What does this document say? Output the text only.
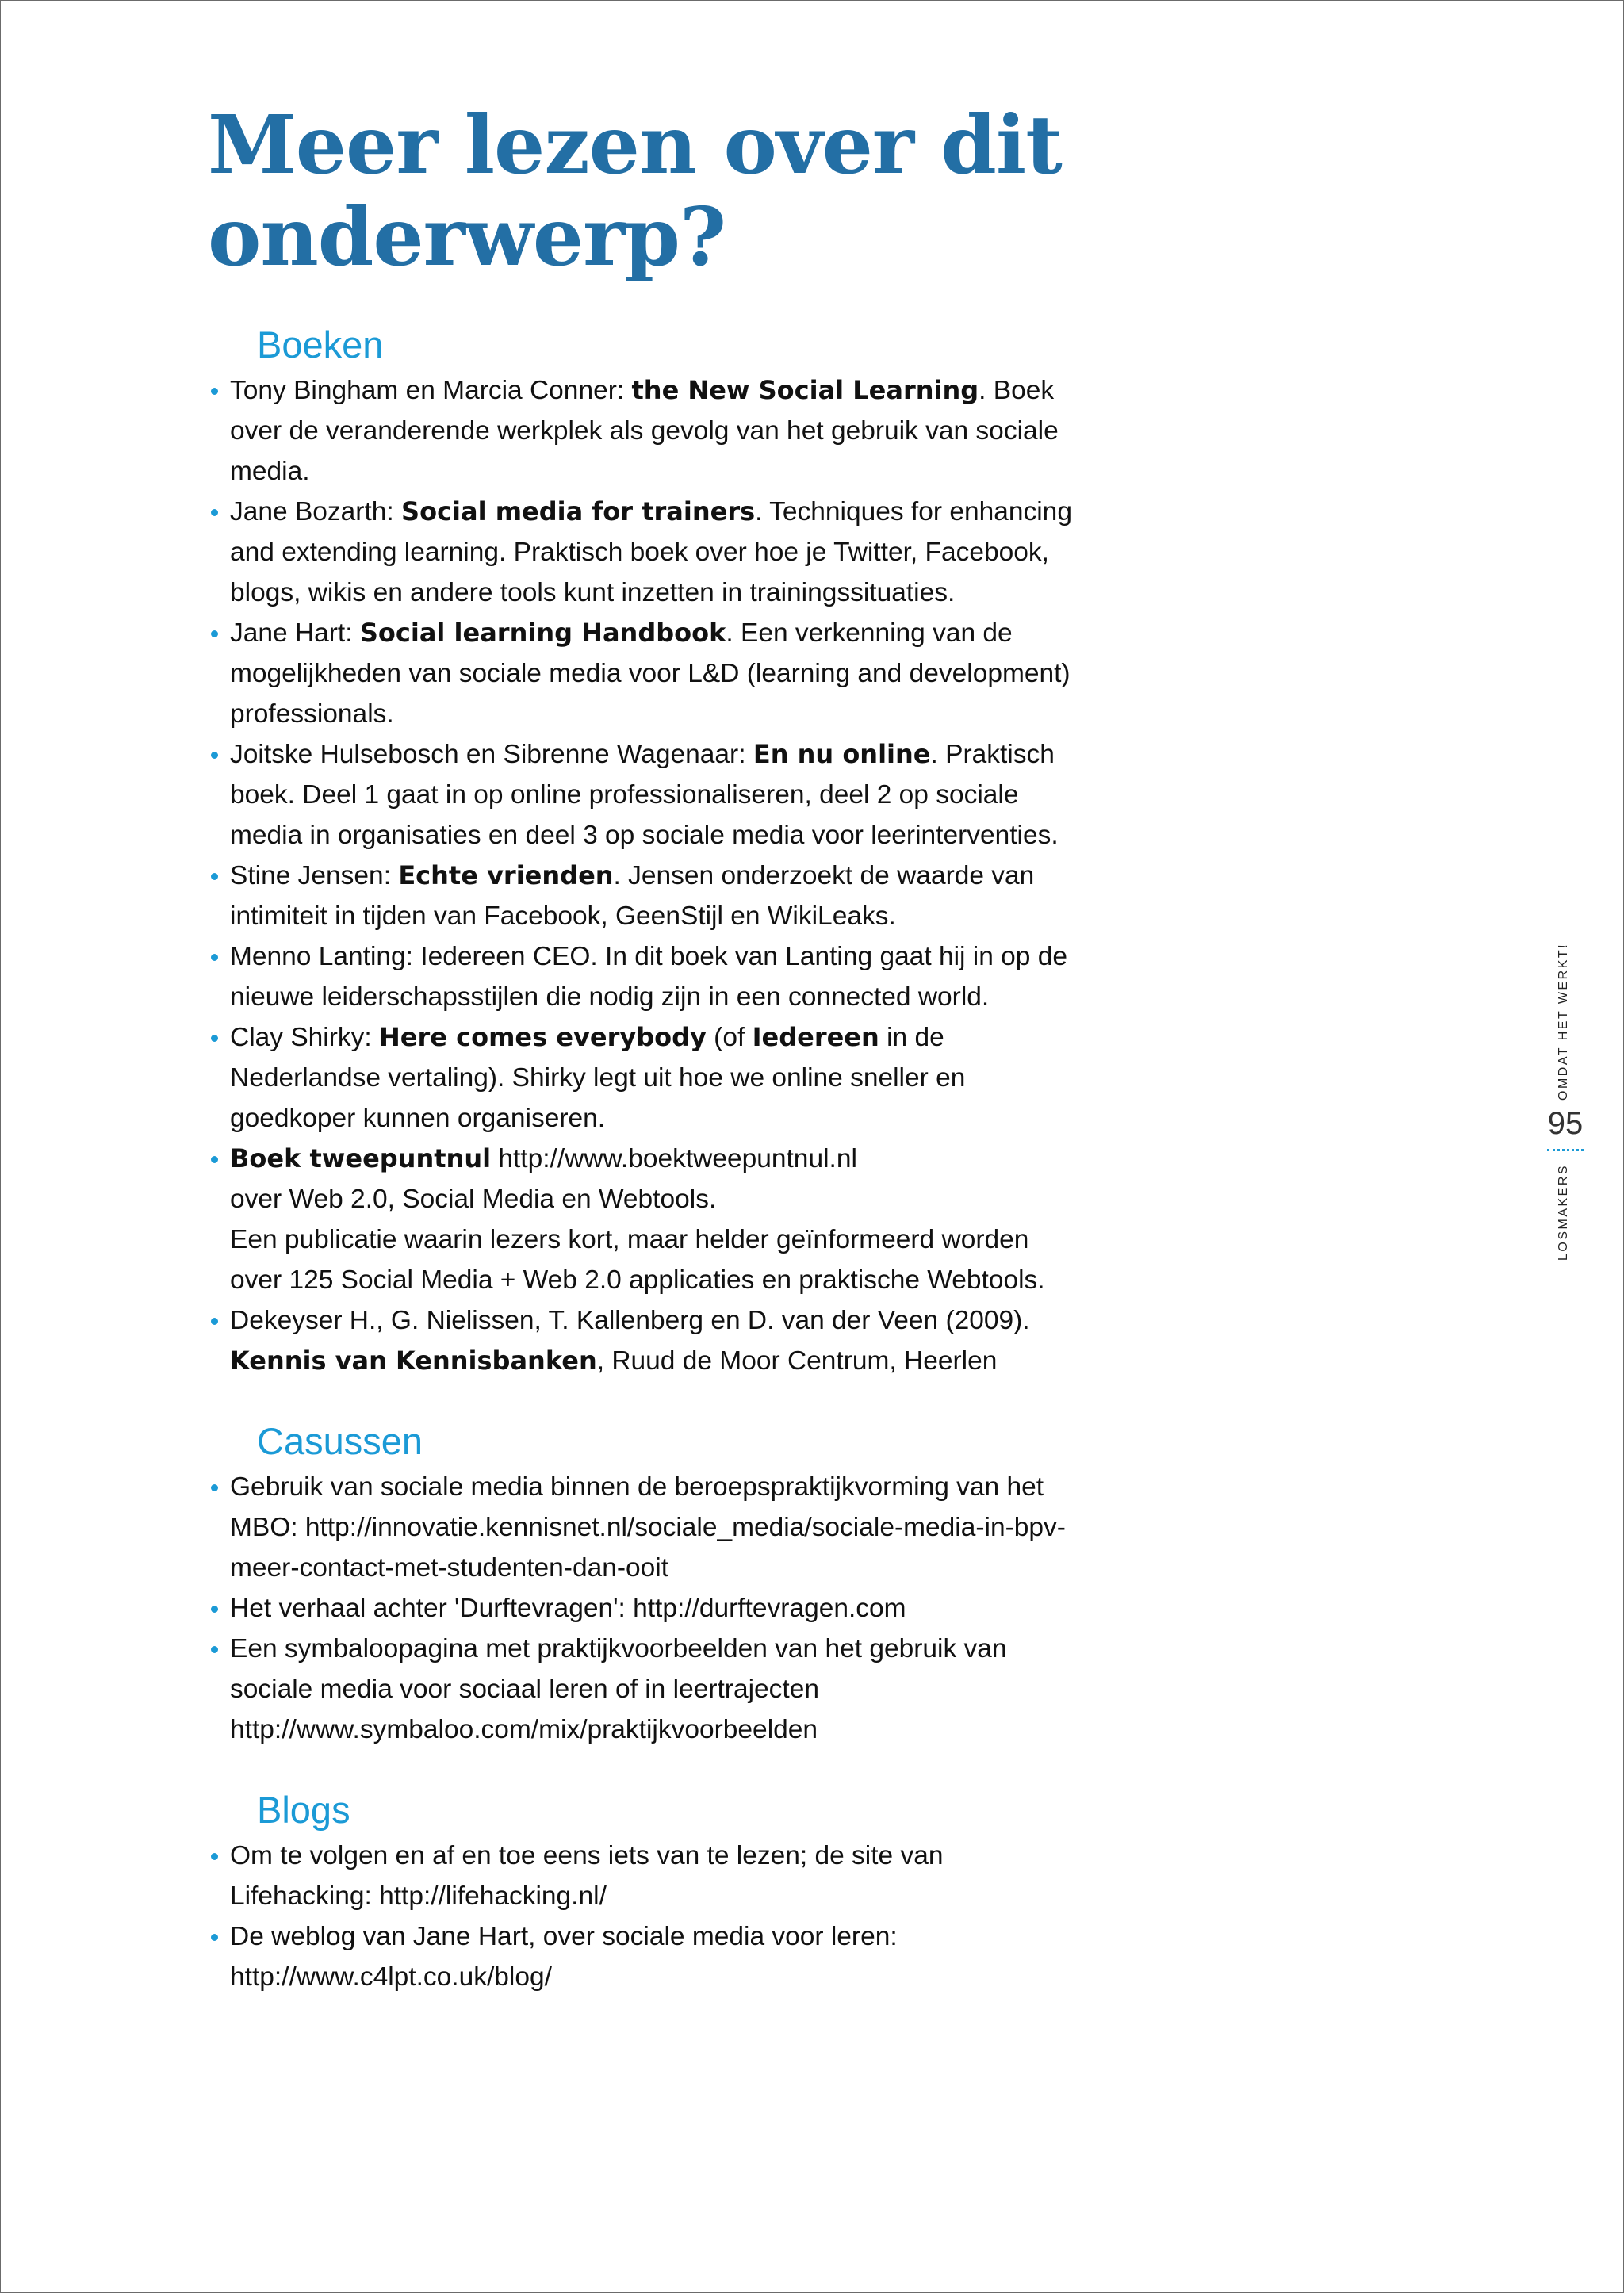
Meer lezen over dit
onderwerp?
Boeken
Tony Bingham en Marcia Conner: the New Social Learning. Boek over de veranderende werkplek als gevolg van het gebruik van sociale media.
Jane Bozarth: Social media for trainers. Techniques for enhancing and extending learning. Praktisch boek over hoe je Twitter, Facebook, blogs, wikis en andere tools kunt inzetten in trainingssituaties.
Jane Hart: Social learning Handbook. Een verkenning van de mogelijkheden van sociale media voor L&D (learning and development) professionals.
Joitske Hulsebosch en Sibrenne Wagenaar: En nu online. Praktisch boek. Deel 1 gaat in op online professionaliseren, deel 2 op sociale media in organisaties en deel 3 op sociale media voor leerinterventies.
Stine Jensen: Echte vrienden. Jensen onderzoekt de waarde van intimiteit in tijden van Facebook, GeenStijl en WikiLeaks.
Menno Lanting: Iedereen CEO. In dit boek van Lanting gaat hij in op de nieuwe leiderschapsstijlen die nodig zijn in een connected world.
Clay Shirky: Here comes everybody (of Iedereen in de Nederlandse vertaling). Shirky legt uit hoe we online sneller en goedkoper kunnen organiseren.
Boek tweepuntnul http://www.boektweepuntnul.nl
over Web 2.0, Social Media en Webtools.
Een publicatie waarin lezers kort, maar helder geïnformeerd worden over 125 Social Media + Web 2.0 applicaties en praktische Webtools.
Dekeyser H., G. Nielissen, T. Kallenberg en D. van der Veen (2009). Kennis van Kennisbanken, Ruud de Moor Centrum, Heerlen
Casussen
Gebruik van sociale media binnen de beroepspraktijkvorming van het MBO: http://innovatie.kennisnet.nl/sociale_media/sociale-media-in-bpv-meer-contact-met-studenten-dan-ooit
Het verhaal achter 'Durftevragen': http://durftevragen.com
Een symbaloopagina met praktijkvoorbeelden van het gebruik van sociale media voor sociaal leren of in leertrajecten http://www.symbaloo.com/mix/praktijkvoorbeelden
Blogs
Om te volgen en af en toe eens iets van te lezen; de site van Lifehacking: http://lifehacking.nl/
De weblog van Jane Hart, over sociale media voor leren: http://www.c4lpt.co.uk/blog/
OMDAT HET WERKT!
95
LOSMAKERS
